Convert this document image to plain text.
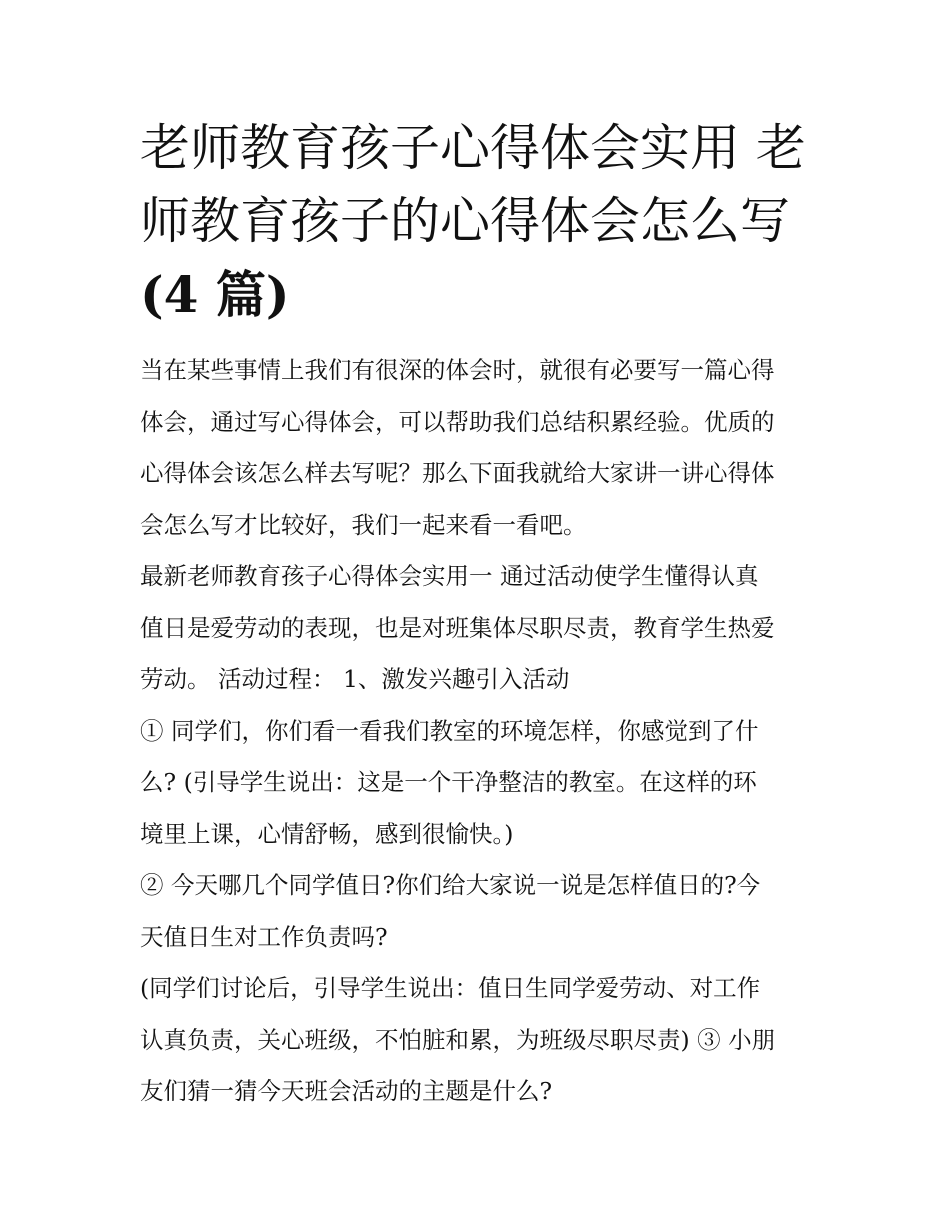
老师教育孩子心得体会实用 老
师教育孩子的心得体会怎么写
(4 篇)

当在某些事情上我们有很深的体会时，就很有必要写一篇心得
体会，通过写心得体会，可以帮助我们总结积累经验。优质的
心得体会该怎么样去写呢？那么下面我就给大家讲一讲心得体
会怎么写才比较好，我们一起来看一看吧。

最新老师教育孩子心得体会实用一 通过活动使学生懂得认真
值日是爱劳动的表现，也是对班集体尽职尽责，教育学生热爱
劳动。 活动过程： 1、激发兴趣引入活动

① 同学们，你们看一看我们教室的环境怎样，你感觉到了什
么? (引导学生说出：这是一个干净整洁的教室。在这样的环
境里上课，心情舒畅，感到很愉快。)

② 今天哪几个同学值日?你们给大家说一说是怎样值日的?今
天值日生对工作负责吗?

(同学们讨论后，引导学生说出：值日生同学爱劳动、对工作
认真负责，关心班级，不怕脏和累，为班级尽职尽责) ③ 小朋
友们猜一猜今天班会活动的主题是什么?
